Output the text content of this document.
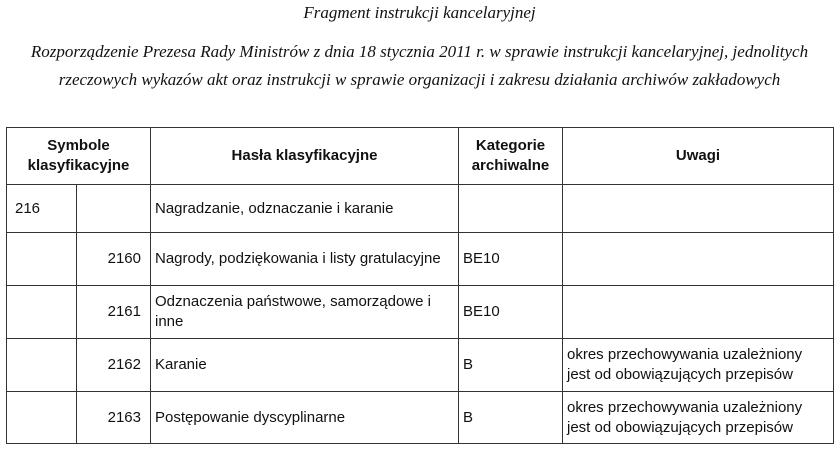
Fragment instrukcji kancelaryjnej
Rozporządzenie Prezesa Rady Ministrów z dnia 18 stycznia 2011 r. w sprawie instrukcji kancelaryjnej, jednolitych rzeczowych wykazów akt oraz instrukcji w sprawie organizacji i zakresu działania archiwów zakładowych
Symbole klasyfikacyjne		Hasła klasyfikacyjne	Kategorie archiwalne	Uwagi
216		Nagradzanie, odznaczanie i karanie		
	2160	Nagrody, podziękowania i listy gratulacyjne	BE10	
	2161	Odznaczenia państwowe, samorządowe i inne	BE10	
	2162	Karanie	B	okres przechowywania uzależniony jest od obowiązujących przepisów
	2163	Postępowanie dyscyplinarne	B	okres przechowywania uzależniony jest od obowiązujących przepisów
